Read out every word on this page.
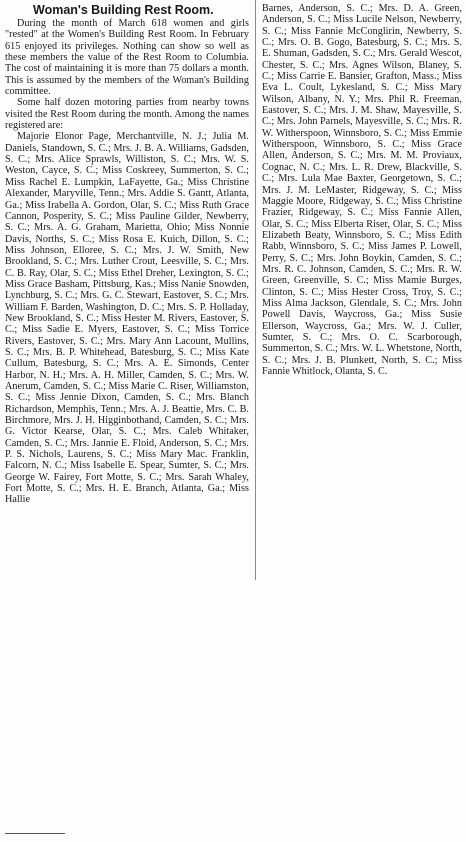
Woman's Building Rest Room.

During the month of March 618 women and girls "rested" at the Women's Building Rest Room. In February 615 enjoyed its privileges. Nothing can show so well as these members the value of the Rest Room to Columbia. The cost of maintaining it is more than 75 dollars a month. This is assumed by the members of the Woman's Building committee.

Some half dozen motoring parties from nearby towns visited the Rest Room during the month. Among the names registered are:

Majorie Elonor Page, Merchantville, N. J.; Julia M. Daniels, Standown, S. C.; Mrs. J. B. A. Williams, Gadsden, S. C.; Mrs. Alice Sprawls, Williston, S. C.; Mrs. W. S. Weston, Cayce, S. C.; Miss Coskreey, Summerton, S. C.; Miss Rachel E. Lumpkin, LaFayette, Ga.; Miss Christine Alexander, Maryville, Tenn.; Mrs. Addie S. Gantt, Atlanta, Ga.; Miss Irabella A. Gordon, Olar, S. C.; Miss Ruth Grace Cannon, Posperity, S. C.; Miss Pauline Gilder, Newberry, S. C.; Mrs. A. G. Graham, Marietta, Ohio; Miss Nonnie Davis, Norths, S. C.; Miss Rosa E. Kuich, Dillon, S. C.; Miss Johnson, Elloree, S. C.; Mrs. J. W. Smith, New Brookland, S. C.; Mrs. Luther Crout, Leesville, S. C.; Mrs. C. B. Ray, Olar, S. C.; Miss Ethel Dreher, Lexington, S. C.; Miss Grace Basham, Pittsburg, Kas.; Miss Nanie Snowden, Lynchburg, S. C.; Mrs. G. C. Stewart, Eastover, S. C.; Mrs. William F. Barden, Washington, D. C.; Mrs. S. P. Holladay, New Brookland, S. C.; Miss Hester M. Rivers, Eastover, S. C.; Miss Sadie E. Myers, Eastover, S. C.; Miss Torrice Rivers, Eastover, S. C.; Mrs. Mary Ann Lacount, Mullins, S. C.; Mrs. B. P. Whitehead, Batesburg, S. C.; Miss Kate Cullum, Batesburg, S. C.; Mrs. A. E. Simonds, Center Harbor, N. H.; Mrs. A. H. Miller, Camden, S. C.; Mrs. W. Anerum, Camden, S. C.; Miss Marie C. Riser, Williamston, S. C.; Miss Jennie Dixon, Camden, S. C.; Mrs. Blanch Richardson, Memphis, Tenn.; Mrs. A. J. Beattie, Mrs. C. B. Birchmore, Mrs. J. H. Higginbothand, Camden, S. C.; Mrs. G. Victor Kearse, Olar, S. C.; Mrs. Caleb Whitaker, Camden, S. C.; Mrs. Jannie E. Floid, Anderson, S. C.; Mrs. P. S. Nichols, Laurens, S. C.; Miss Mary Mac. Franklin, Falcorn, N. C.; Miss Isabelle E. Spear, Sumter, S. C.; Mrs. George W. Fairey, Fort Motte, S. C.; Mrs. Sarah Whaley, Fort Motte, S. C.; Mrs. H. E. Branch, Atlanta, Ga.; Miss Hallie

Barnes, Anderson, S. C.; Mrs. D. A. Green, Anderson, S. C.; Miss Lucile Nelson, Newberry, S. C.; Miss Fannie McConglirin, Newberry, S. C.; Mrs. O. B. Gogo, Batesburg, S. C.; Mrs. S. E. Shuman, Gadsden, S. C.; Mrs. Gerald Wescot, Chester, S. C.; Mrs. Agnes Wilson, Blaney, S. C.; Miss Carrie E. Bansier, Grafton, Mass.; Miss Eva L. Coult, Lykesland, S. C.; Miss Mary Wilson, Albany, N. Y.; Mrs. Phil R. Freeman, Eastover, S. C.; Mrs. J. M. Shaw, Mayesville, S. C.; Mrs. John Parnels, Mayesville, S. C.; Mrs. R. W. Witherspoon, Winnsboro, S. C.; Miss Emmie Witherspoon, Winnsboro, S. C.; Miss Grace Allen, Anderson, S. C.; Mrs. M. M. Proviaux, Cognac, N. C.; Mrs. L. R. Drew, Blackville, S. C.; Mrs. Lula Mae Baxter, Georgetown, S. C.; Mrs. J. M. LeMaster, Ridgeway, S. C.; Miss Maggie Moore, Ridgeway, S. C.; Miss Christine Frazier, Ridgeway, S. C.; Miss Fannie Allen, Olar, S. C.; Miss Elberta Riser, Olar, S. C.; Miss Elizabeth Beaty, Winnsboro, S. C.; Miss Edith Rabb, Winnsboro, S. C.; Miss James P. Lowell, Perry, S. C.; Mrs. John Boykin, Camden, S. C.; Mrs. R. C. Johnson, Camden, S. C.; Mrs. R. W. Green, Greenville, S. C.; Miss Mamie Burges, Clinton, S. C.; Miss Hester Cross, Troy, S. C.; Miss Alma Jackson, Glendale, S. C.; Mrs. John Powell Davis, Waycross, Ga.; Miss Susie Ellerson, Waycross, Ga.; Mrs. W. J. Culler, Sumter, S. C.; Mrs. O. C. Scarborough, Summerton, S. C.; Mrs. W. L. Whetstone, North, S. C.; Mrs. J. B. Plunkett, North, S. C.; Miss Fannie Whitlock, Olanta, S. C.
